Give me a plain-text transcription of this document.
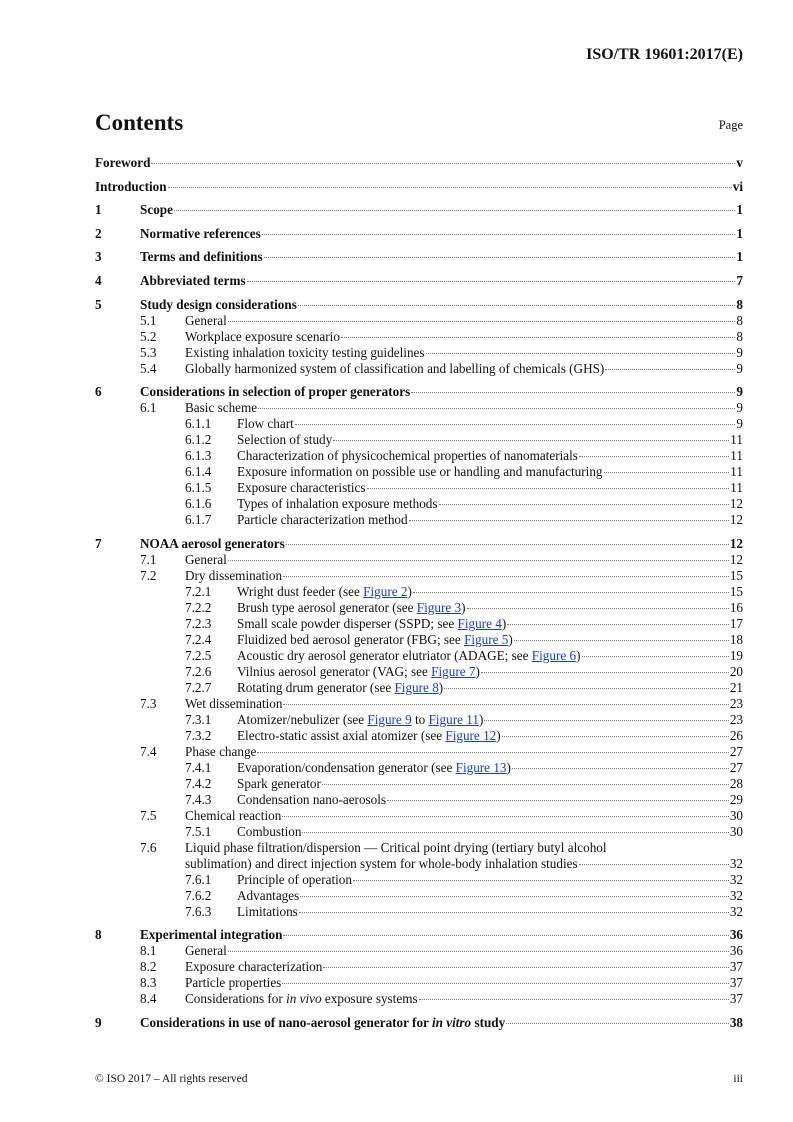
ISO/TR 19601:2017(E)
Contents	Page
Foreword	v
Introduction	vi
1	Scope	1
2	Normative references	1
3	Terms and definitions	1
4	Abbreviated terms	7
5	Study design considerations	8
5.1	General	8
5.2	Workplace exposure scenario	8
5.3	Existing inhalation toxicity testing guidelines	9
5.4	Globally harmonized system of classification and labelling of chemicals (GHS)	9
6	Considerations in selection of proper generators	9
6.1	Basic scheme	9
6.1.1	Flow chart	9
6.1.2	Selection of study	11
6.1.3	Characterization of physicochemical properties of nanomaterials	11
6.1.4	Exposure information on possible use or handling and manufacturing	11
6.1.5	Exposure characteristics	11
6.1.6	Types of inhalation exposure methods	12
6.1.7	Particle characterization method	12
7	NOAA aerosol generators	12
7.1	General	12
7.2	Dry dissemination	15
7.2.1	Wright dust feeder (see Figure 2)	15
7.2.2	Brush type aerosol generator (see Figure 3)	16
7.2.3	Small scale powder disperser (SSPD; see Figure 4)	17
7.2.4	Fluidized bed aerosol generator (FBG; see Figure 5)	18
7.2.5	Acoustic dry aerosol generator elutriator (ADAGE; see Figure 6)	19
7.2.6	Vilnius aerosol generator (VAG; see Figure 7)	20
7.2.7	Rotating drum generator (see Figure 8)	21
7.3	Wet dissemination	23
7.3.1	Atomizer/nebulizer (see Figure 9 to Figure 11)	23
7.3.2	Electro-static assist axial atomizer (see Figure 12)	26
7.4	Phase change	27
7.4.1	Evaporation/condensation generator (see Figure 13)	27
7.4.2	Spark generator	28
7.4.3	Condensation nano-aerosols	29
7.5	Chemical reaction	30
7.5.1	Combustion	30
7.6	Liquid phase filtration/dispersion — Critical point drying (tertiary butyl alcohol
sublimation) and direct injection system for whole-body inhalation studies	32
7.6.1	Principle of operation	32
7.6.2	Advantages	32
7.6.3	Limitations	32
8	Experimental integration	36
8.1	General	36
8.2	Exposure characterization	37
8.3	Particle properties	37
8.4	Considerations for in vivo exposure systems	37
9	Considerations in use of nano-aerosol generator for in vitro study	38
© ISO 2017 – All rights reserved	iii
